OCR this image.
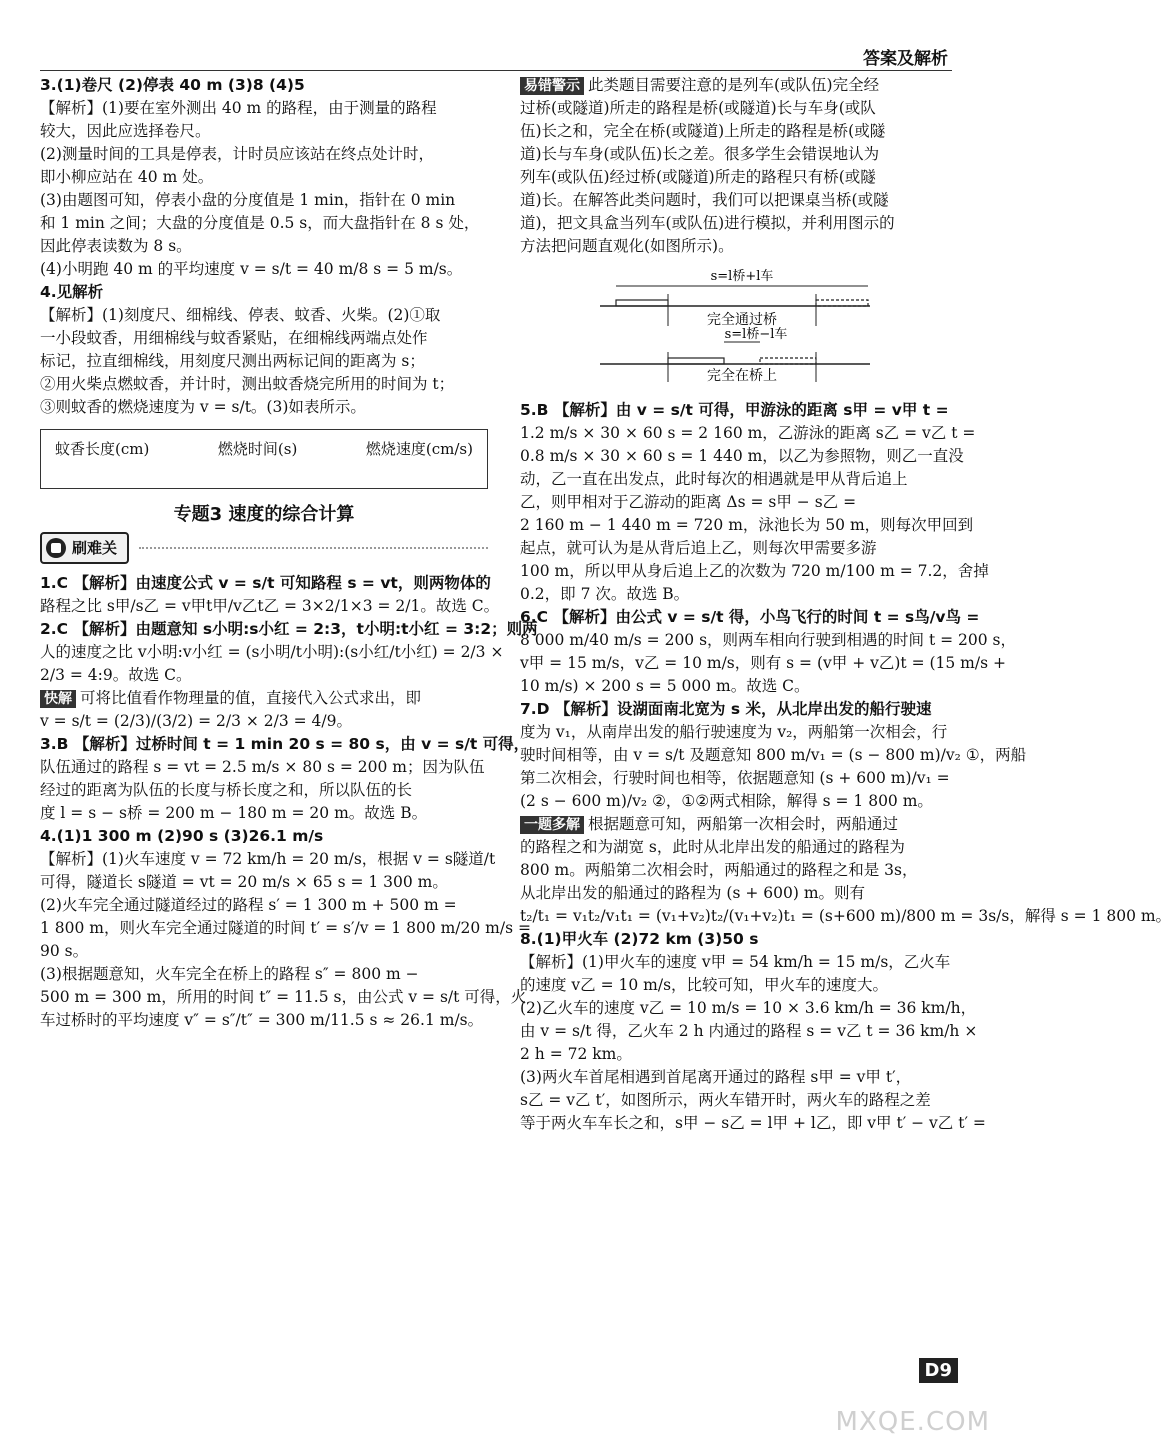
答案及解析
3.(1)卷尺 (2)停表 40 m (3)8 (4)5
【解析】(1)要在室外测出 40 m 的路程，由于测量的路程
较大，因此应选择卷尺。
(2)测量时间的工具是停表，计时员应该站在终点处计时，
即小柳应站在 40 m 处。
(3)由题图可知，停表小盘的分度值是 1 min，指针在 0 min
和 1 min 之间；大盘的分度值是 0.5 s，而大盘指针在 8 s 处，
因此停表读数为 8 s。
(4)小明跑 40 m 的平均速度 v = s/t = 40 m/8 s = 5 m/s。
4.见解析
【解析】(1)刻度尺、细棉线、停表、蚊香、火柴。(2)①取
一小段蚊香，用细棉线与蚊香紧贴，在细棉线两端点处作
标记，拉直细棉线，用刻度尺测出两标记间的距离为 s；
②用火柴点燃蚊香，并计时，测出蚊香烧完所用的时间为 t；
③则蚊香的燃烧速度为 v = s/t。(3)如表所示。
蚊香长度(cm)	燃烧时间(s)	燃烧速度(cm/s)
专题3 速度的综合计算
刷难关
1.C 【解析】由速度公式 v = s/t 可知路程 s = vt，则两物体的
路程之比 s甲/s乙 = v甲t甲/v乙t乙 = 3×2/1×3 = 2/1。故选 C。
2.C 【解析】由题意知 s小明:s小红 = 2:3，t小明:t小红 = 3:2；则两
人的速度之比 v小明:v小红 = (s小明/t小明):(s小红/t小红) = 2/3 ×
2/3 = 4:9。故选 C。
快解 可将比值看作物理量的值，直接代入公式求出，即
v = s/t = (2/3)/(3/2) = 2/3 × 2/3 = 4/9。
3.B 【解析】过桥时间 t = 1 min 20 s = 80 s，由 v = s/t 可得，
队伍通过的路程 s = vt = 2.5 m/s × 80 s = 200 m；因为队伍
经过的距离为队伍的长度与桥长度之和，所以队伍的长
度 l = s − s桥 = 200 m − 180 m = 20 m。故选 B。
4.(1)1 300 m (2)90 s (3)26.1 m/s
【解析】(1)火车速度 v = 72 km/h = 20 m/s，根据 v = s隧道/t
可得，隧道长 s隧道 = vt = 20 m/s × 65 s = 1 300 m。
(2)火车完全通过隧道经过的路程 s′ = 1 300 m + 500 m =
1 800 m，则火车完全通过隧道的时间 t′ = s′/v = 1 800 m/20 m/s =
90 s。
(3)根据题意知，火车完全在桥上的路程 s″ = 800 m −
500 m = 300 m，所用的时间 t″ = 11.5 s，由公式 v = s/t 可得，火
车过桥时的平均速度 v″ = s″/t″ = 300 m/11.5 s ≈ 26.1 m/s。
易错警示 此类题目需要注意的是列车(或队伍)完全经
过桥(或隧道)所走的路程是桥(或隧道)长与车身(或队
伍)长之和，完全在桥(或隧道)上所走的路程是桥(或隧
道)长与车身(或队伍)长之差。很多学生会错误地认为
列车(或队伍)经过桥(或隧道)所走的路程只有桥(或隧
道)长。在解答此类问题时，我们可以把课桌当桥(或隧
道)，把文具盒当列车(或队伍)进行模拟，并利用图示的
方法把问题直观化(如图所示)。
s=l桥+l车
完全通过桥
s=l桥−l车
完全在桥上
5.B 【解析】由 v = s/t 可得，甲游泳的距离 s甲 = v甲 t =
1.2 m/s × 30 × 60 s = 2 160 m，乙游泳的距离 s乙 = v乙 t =
0.8 m/s × 30 × 60 s = 1 440 m，以乙为参照物，则乙一直没
动，乙一直在出发点，此时每次的相遇就是甲从背后追上
乙，则甲相对于乙游动的距离 Δs = s甲 − s乙 =
2 160 m − 1 440 m = 720 m，泳池长为 50 m，则每次甲回到
起点，就可认为是从背后追上乙，则每次甲需要多游
100 m，所以甲从身后追上乙的次数为 720 m/100 m = 7.2，舍掉
0.2，即 7 次。故选 B。
6.C 【解析】由公式 v = s/t 得，小鸟飞行的时间 t = s鸟/v鸟 =
8 000 m/40 m/s = 200 s，则两车相向行驶到相遇的时间 t = 200 s，
v甲 = 15 m/s，v乙 = 10 m/s，则有 s = (v甲 + v乙)t = (15 m/s +
10 m/s) × 200 s = 5 000 m。故选 C。
7.D 【解析】设湖面南北宽为 s 米，从北岸出发的船行驶速
度为 v₁，从南岸出发的船行驶速度为 v₂，两船第一次相会，行
驶时间相等，由 v = s/t 及题意知 800 m/v₁ = (s − 800 m)/v₂ ①，两船
第二次相会，行驶时间也相等，依据题意知 (s + 600 m)/v₁ =
(2 s − 600 m)/v₂ ②，①②两式相除，解得 s = 1 800 m。
一题多解 根据题意可知，两船第一次相会时，两船通过
的路程之和为湖宽 s，此时从北岸出发的船通过的路程为
800 m。两船第二次相会时，两船通过的路程之和是 3s，
从北岸出发的船通过的路程为 (s + 600) m。则有
t₂/t₁ = v₁t₂/v₁t₁ = (v₁+v₂)t₂/(v₁+v₂)t₁ = (s+600 m)/800 m = 3s/s，解得 s = 1 800 m。
8.(1)甲火车 (2)72 km (3)50 s
【解析】(1)甲火车的速度 v甲 = 54 km/h = 15 m/s，乙火车
的速度 v乙 = 10 m/s，比较可知，甲火车的速度大。
(2)乙火车的速度 v乙 = 10 m/s = 10 × 3.6 km/h = 36 km/h，
由 v = s/t 得，乙火车 2 h 内通过的路程 s = v乙 t = 36 km/h ×
2 h = 72 km。
(3)两火车首尾相遇到首尾离开通过的路程 s甲 = v甲 t′，
s乙 = v乙 t′，如图所示，两火车错开时，两火车的路程之差
等于两火车车长之和，s甲 − s乙 = l甲 + l乙，即 v甲 t′ − v乙 t′ =
D9
MXQE.COM
